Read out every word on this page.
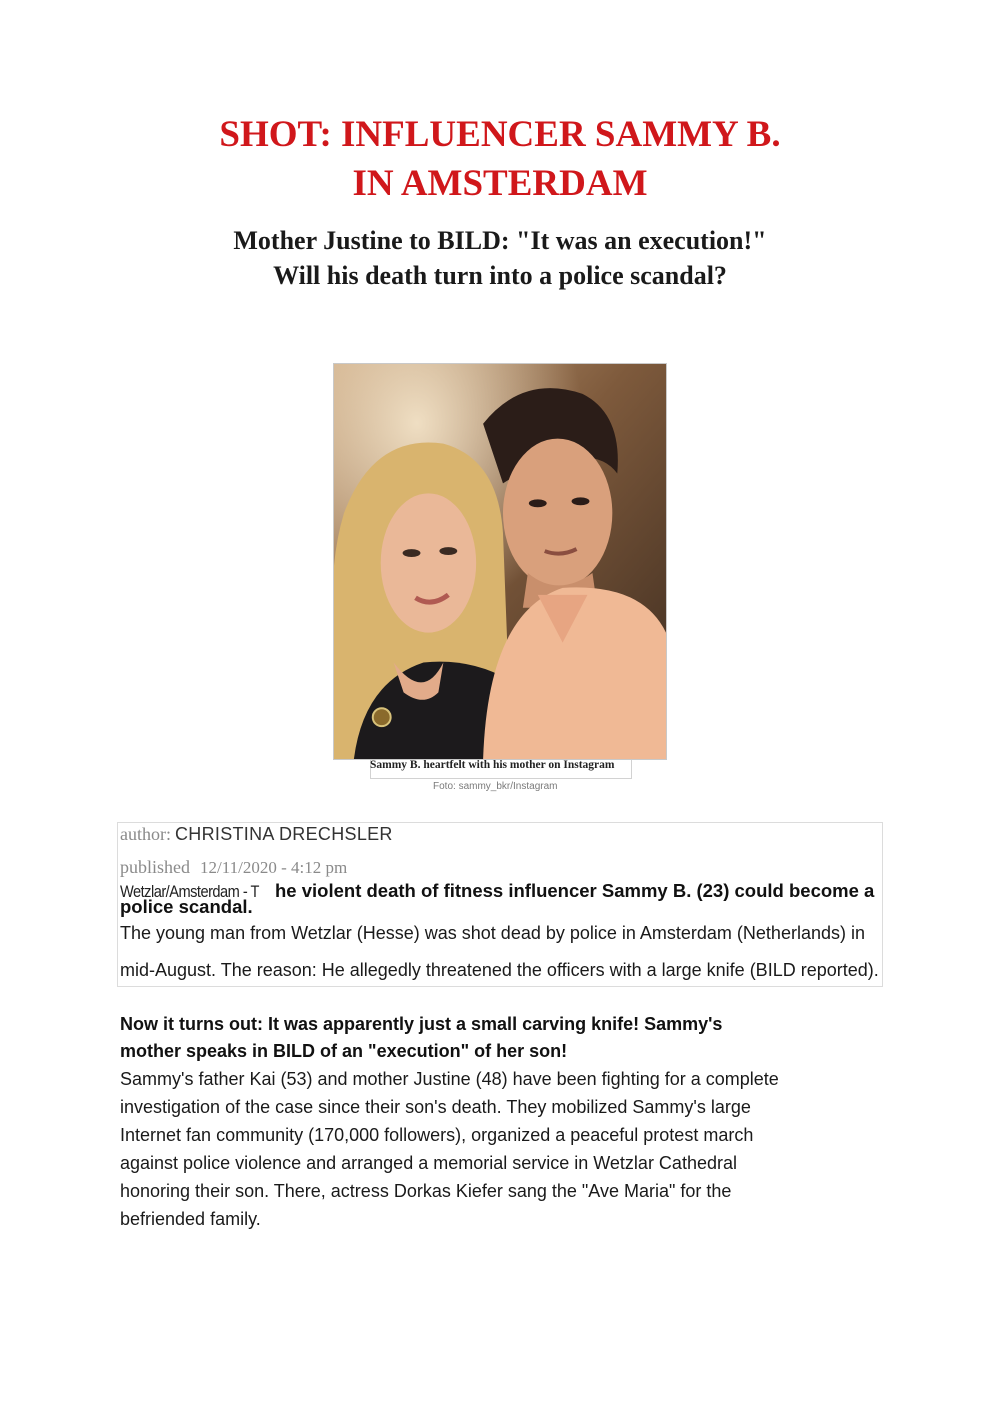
SHOT: INFLUENCER SAMMY B.
IN AMSTERDAM
Mother Justine to BILD: "It was an execution!"
Will his death turn into a police scandal?
Sammy B. heartfelt with his mother on Instagram
Foto: sammy_bkr/Instagram
author: CHRISTINA DRECHSLER
published 12/11/2020 - 4:12 pm
Wetzlar/Amsterdam - T he violent death of fitness influencer Sammy B. (23) could become a
police scandal.
The young man from Wetzlar (Hesse) was shot dead by police in Amsterdam (Netherlands) in
mid-August. The reason: He allegedly threatened the officers with a large knife (BILD reported).
Now it turns out: It was apparently just a small carving knife! Sammy's
mother speaks in BILD of an "execution" of her son!
Sammy's father Kai (53) and mother Justine (48) have been fighting for a complete
investigation of the case since their son's death. They mobilized Sammy's large
Internet fan community (170,000 followers), organized a peaceful protest march
against police violence and arranged a memorial service in Wetzlar Cathedral
honoring their son. There, actress Dorkas Kiefer sang the "Ave Maria" for the
befriended family.
